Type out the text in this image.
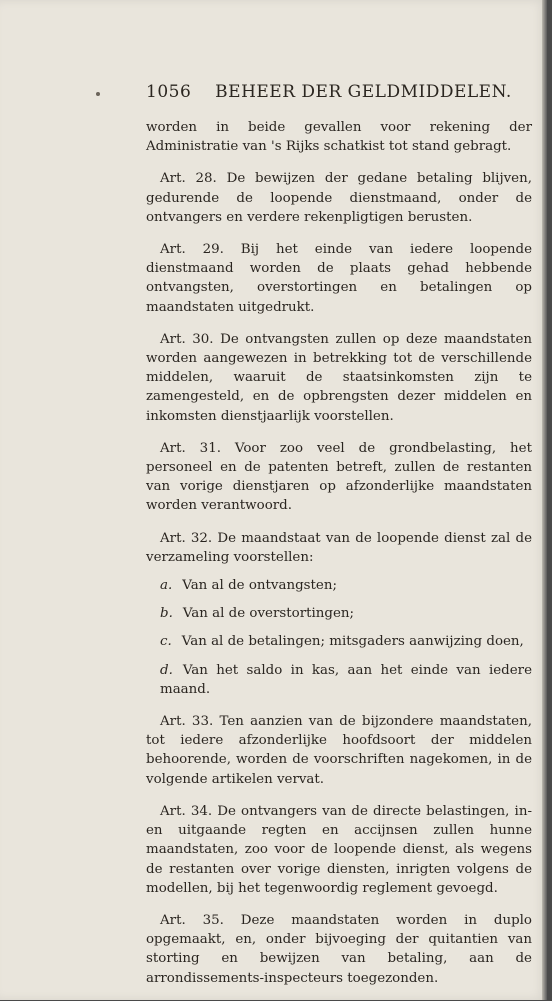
1056 BEHEER DER GELDMIDDELEN.

worden in beide gevallen voor rekening der Administratie van 's Rijks schatkist tot stand gebragt.

Art. 28. De bewijzen der gedane betaling blijven, gedurende de loopende dienstmaand, onder de ontvangers en verdere rekenpligtigen berusten.

Art. 29. Bij het einde van iedere loopende dienstmaand worden de plaats gehad hebbende ontvangsten, overstortingen en betalingen op maandstaten uitgedrukt.

Art. 30. De ontvangsten zullen op deze maandstaten worden aangewezen in betrekking tot de verschillende middelen, waaruit de staatsinkomsten zijn te zamengesteld, en de opbrengsten dezer middelen en inkomsten dienstjaarlijk voorstellen.

Art. 31. Voor zoo veel de grondbelasting, het personeel en de patenten betreft, zullen de restanten van vorige dienstjaren op afzonderlijke maandstaten worden verantwoord.

Art. 32. De maandstaat van de loopende dienst zal de verzameling voorstellen:

a. Van al de ontvangsten;
b. Van al de overstortingen;
c. Van al de betalingen; mitsgaders aanwijzing doen,
d. Van het saldo in kas, aan het einde van iedere maand.

Art. 33. Ten aanzien van de bijzondere maandstaten, tot iedere afzonderlijke hoofdsoort der middelen behoorende, worden de voorschriften nagekomen, in de volgende artikelen vervat.

Art. 34. De ontvangers van de directe belastingen, in- en uitgaande regten en accijnsen zullen hunne maandstaten, zoo voor de loopende dienst, als wegens de restanten over vorige diensten, inrigten volgens de modellen, bij het tegenwoordig reglement gevoegd.

Art. 35. Deze maandstaten worden in duplo opgemaakt, en, onder bijvoeging der quitantien van storting en bewijzen van betaling, aan de arrondissements-inspecteurs toegezonden.
